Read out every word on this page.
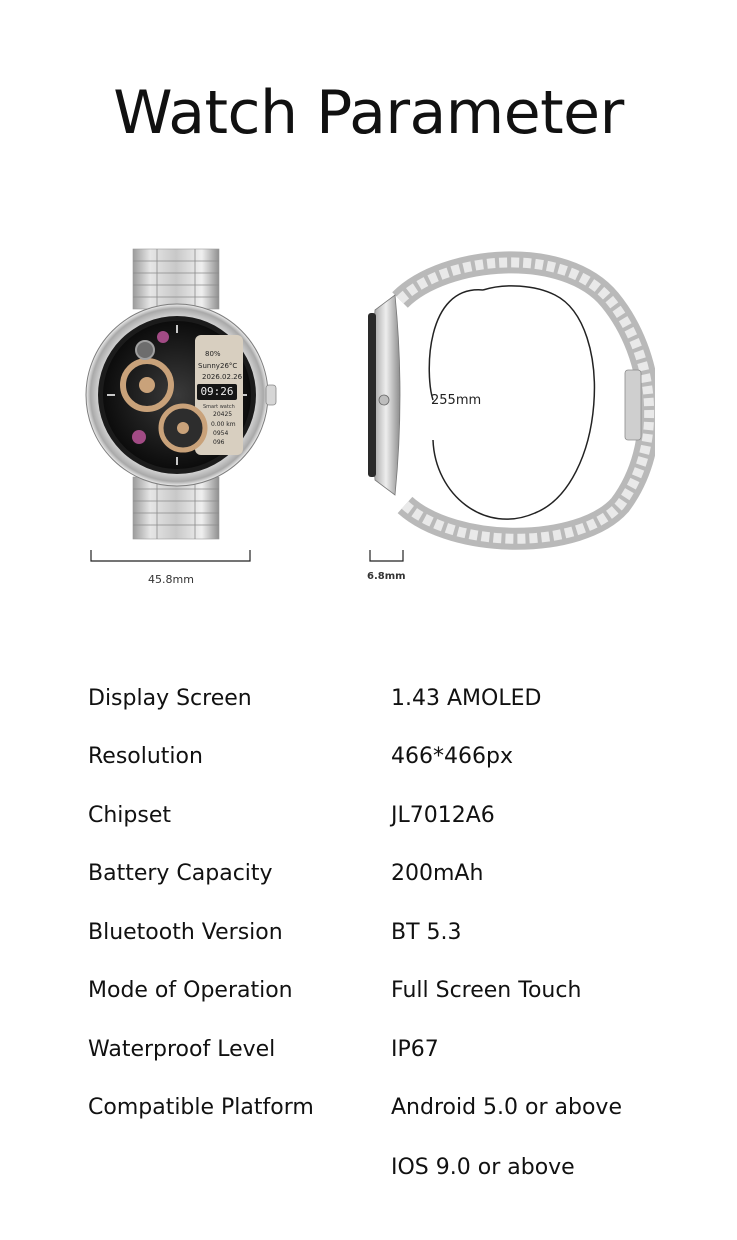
Watch Parameter
80%
Sunny 26°C
2026.02.26
09:26
Smart watch
20425
0.00 km
0954
096
45.8mm
255mm
6.8mm
Display Screen	1.43 AMOLED
Resolution	466*466px
Chipset	JL7012A6
Battery Capacity	200mAh
Bluetooth Version	BT 5.3
Mode of Operation	Full Screen Touch
Waterproof Level	IP67
Compatible Platform	Android 5.0 or above
IOS 9.0 or above
